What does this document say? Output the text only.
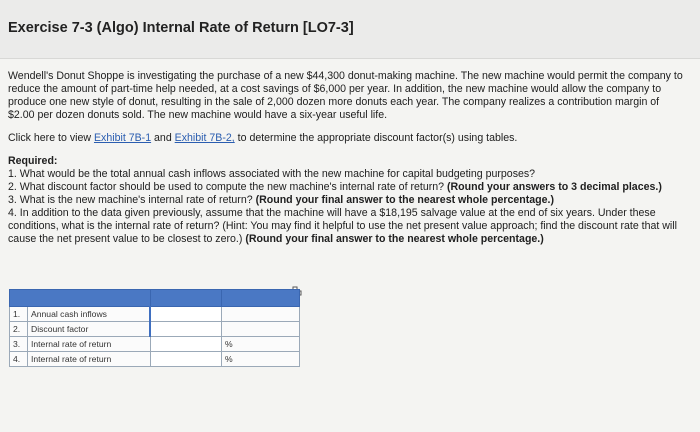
Exercise 7-3 (Algo) Internal Rate of Return [LO7-3]

Wendell's Donut Shoppe is investigating the purchase of a new $44,300 donut-making machine. The new machine would permit the company to reduce the amount of part-time help needed, at a cost savings of $6,000 per year. In addition, the new machine would allow the company to produce one new style of donut, resulting in the sale of 2,000 dozen more donuts each year. The company realizes a contribution margin of $2.00 per dozen donuts sold. The new machine would have a six-year useful life.

Click here to view Exhibit 7B-1 and Exhibit 7B-2, to determine the appropriate discount factor(s) using tables.

Required:

1. What would be the total annual cash inflows associated with the new machine for capital budgeting purposes?

2. What discount factor should be used to compute the new machine's internal rate of return? (Round your answers to 3 decimal places.)

3. What is the new machine's internal rate of return? (Round your final answer to the nearest whole percentage.)

4. In addition to the data given previously, assume that the machine will have a $18,195 salvage value at the end of six years. Under these conditions, what is the internal rate of return? (Hint: You may find it helpful to use the net present value approach; find the discount rate that will cause the net present value to be closest to zero.) (Round your final answer to the nearest whole percentage.)

1.	Annual cash inflows		
2.	Discount factor		
3.	Internal rate of return		%
4.	Internal rate of return		%
